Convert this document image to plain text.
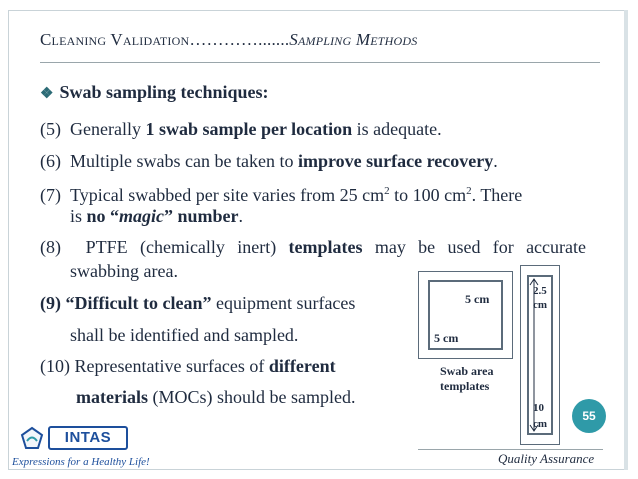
Cleaning Validation………….......Sampling Methods
❖ Swab sampling techniques:
(5) Generally 1 swab sample per location is adequate.
(6) Multiple swabs can be taken to improve surface recovery.
(7) Typical swabbed per site varies from 25 $cm^2$ to 100 $cm^2$. There
is no “magic” number.
(8) PTFE (chemically inert) templates may be used for accurate
swabbing area.
(9) “Difficult to clean” equipment surfaces
shall be identified and sampled.
(10) Representative surfaces of different
materials (MOCs) should be sampled.
5 cm
5 cm
2.5
cm
10
cm
Swab area
templates
55
Quality Assurance
INTAS
Expressions for a Healthy Life!
